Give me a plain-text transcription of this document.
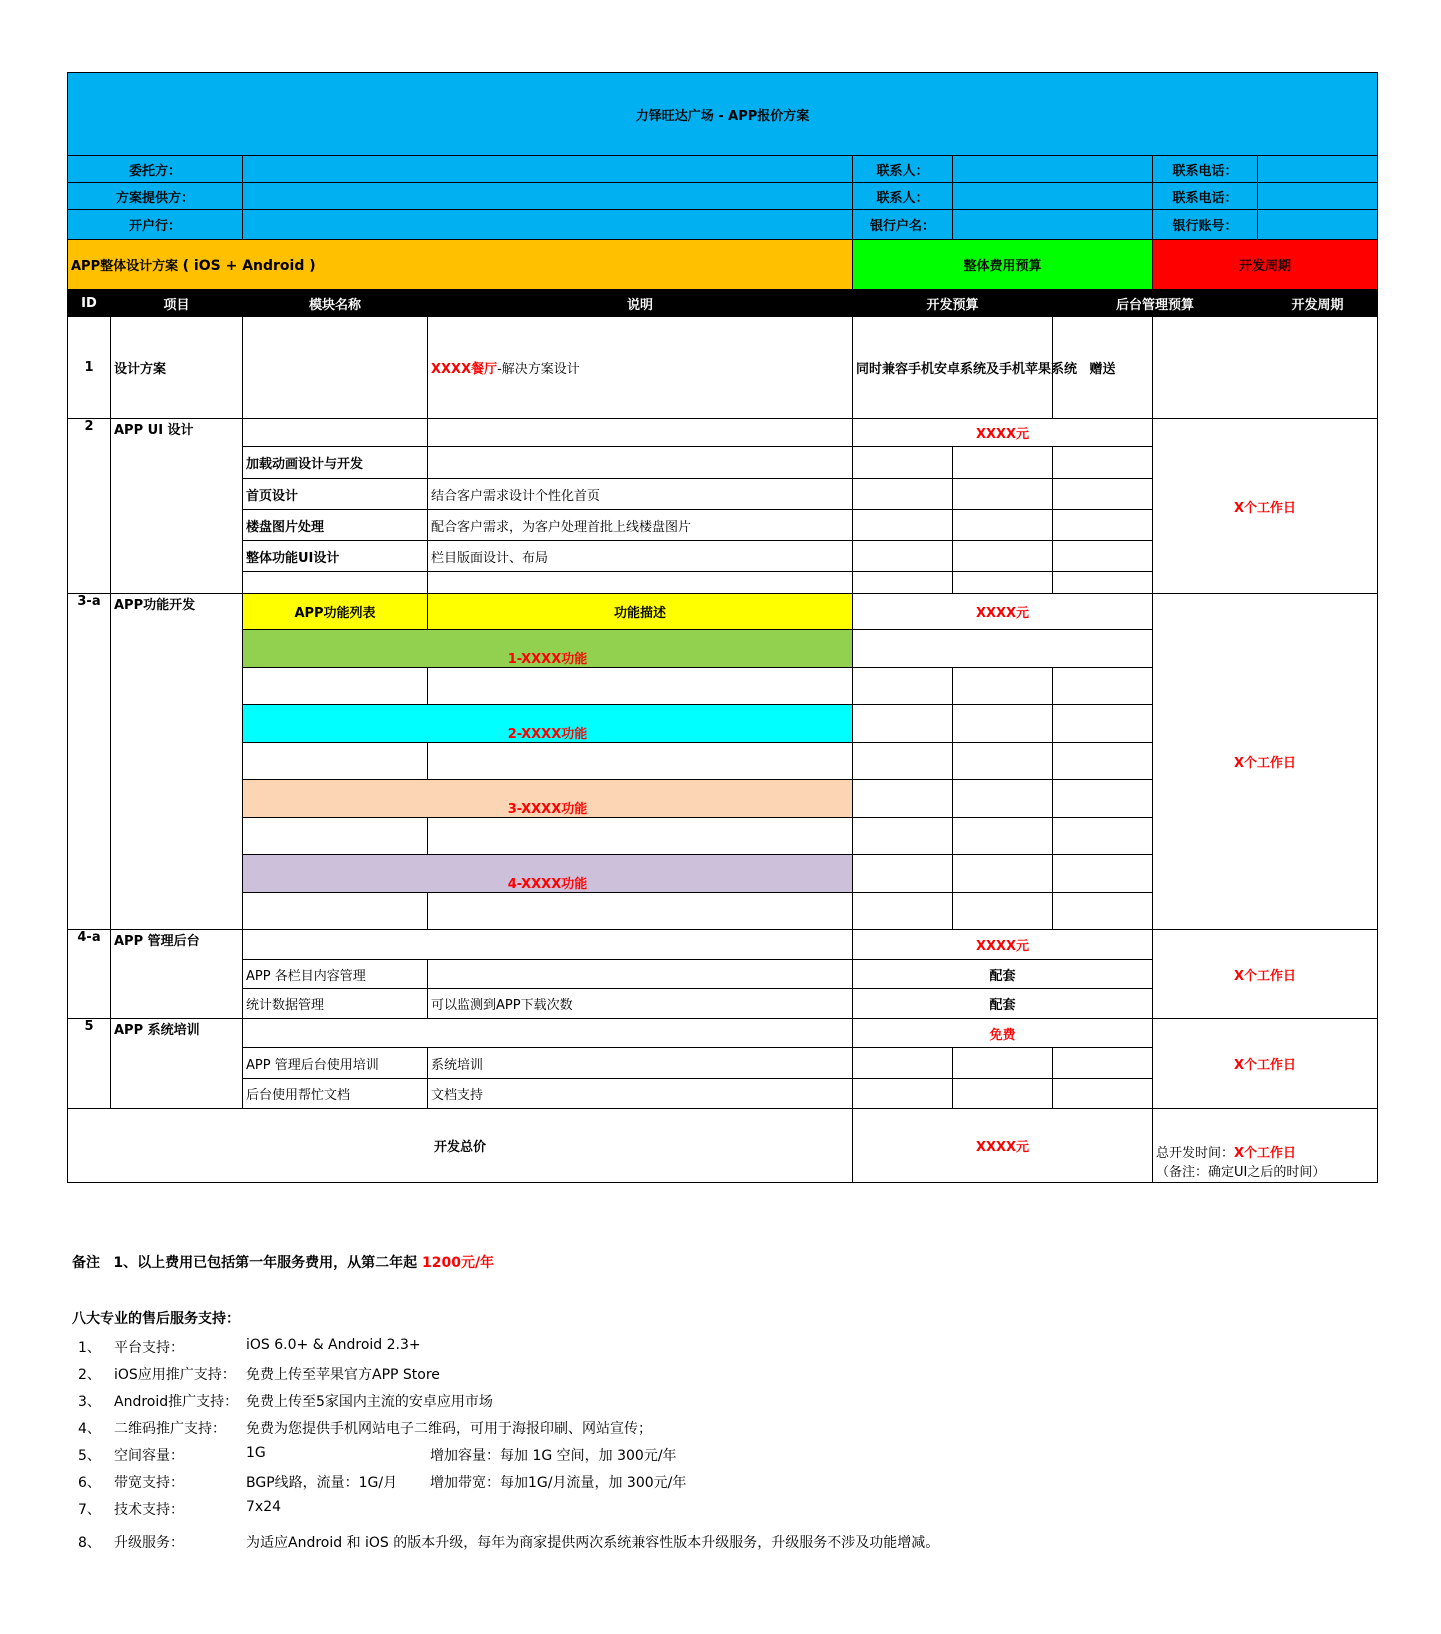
力铎旺达广场 - APP报价方案								
委托方：				联系人：			联系电话：	
方案提供方：				联系人：			联系电话：	
开户行：				银行户名：			银行账号：	
APP整体设计方案 ( iOS + Android )				整体费用预算			开发周期	
ID	项目	模块名称	说明	开发预算		后台管理预算		开发周期
1	设计方案		XXXX餐厅-解决方案设计	同时兼容手机安卓系统及手机苹果系统		赠送		
2	APP UI 设计			XXXX元			X个工作日	
		加载动画设计与开发						
		首页设计	结合客户需求设计个性化首页					
		楼盘图片处理	配合客户需求，为客户处理首批上线楼盘图片					
		整体功能UI设计	栏目版面设计、布局					

3-a	APP功能开发	APP功能列表	功能描述	XXXX元			X个工作日	
		1-XXXX功能						

		2-XXXX功能						

		3-XXXX功能						

		4-XXXX功能						

4-a	APP 管理后台			XXXX元			X个工作日	
		APP 各栏目内容管理		配套				
		统计数据管理	可以监测到APP下载次数	配套				
5	APP 系统培训			免费			X个工作日	
		APP 管理后台使用培训	系统培训					
		后台使用帮忙文档	文档支持					
开发总价				XXXX元			总开发时间：X个工作日
（备注：确定UI之后的时间）	
备注 1、以上费用已包括第一年服务费用，从第二年起 1200元/年
八大专业的售后服务支持：
1、 平台支持：	iOS 6.0+ & Android 2.3+
2、 iOS应用推广支持： 免费上传至苹果官方APP Store
3、 Android推广支持： 免费上传至5家国内主流的安卓应用市场
4、 二维码推广支持： 免费为您提供手机网站电子二维码，可用于海报印刷、网站宣传；
5、 空间容量：	1G	增加容量：每加 1G 空间，加 300元/年
6、 带宽支持：	BGP线路，流量：1G/月 增加带宽：每加1G/月流量，加 300元/年
7、 技术支持：	7x24
8、 升级服务：	为适应Android 和 iOS 的版本升级，每年为商家提供两次系统兼容性版本升级服务，升级服务不涉及功能增减。
